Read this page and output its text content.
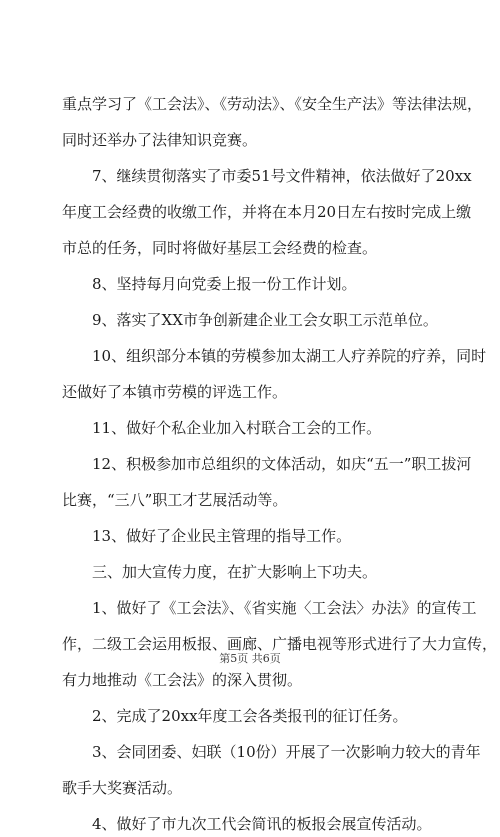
重点学习了《工会法》、《劳动法》、《安全生产法》等法律法规，
同时还举办了法律知识竞赛。
7、继续贯彻落实了市委51号文件精神，依法做好了20xx
年度工会经费的收缴工作，并将在本月20日左右按时完成上缴
市总的任务，同时将做好基层工会经费的检查。
8、坚持每月向党委上报一份工作计划。
9、落实了XX市争创新建企业工会女职工示范单位。
10、组织部分本镇的劳模参加太湖工人疗养院的疗养，同时
还做好了本镇市劳模的评选工作。
11、做好个私企业加入村联合工会的工作。
12、积极参加市总组织的文体活动，如庆“五一”职工拔河
比赛，“三八”职工才艺展活动等。
13、做好了企业民主管理的指导工作。
三、加大宣传力度，在扩大影响上下功夫。
1、做好了《工会法》、《省实施〈工会法〉办法》的宣传工
作，二级工会运用板报、画廊、广播电视等形式进行了大力宣传，
有力地推动《工会法》的深入贯彻。
2、完成了20xx年度工会各类报刊的征订任务。
3、会同团委、妇联（10份）开展了一次影响力较大的青年
歌手大奖赛活动。
4、做好了市九次工代会简讯的板报会展宣传活动。
第5页 共6页
